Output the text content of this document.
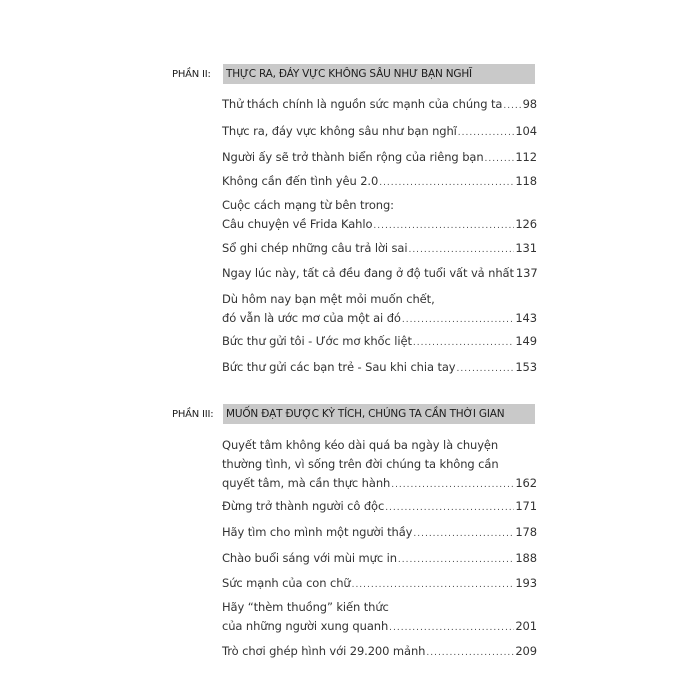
PHẦN II:	THỰC RA, ĐÁY VỰC KHÔNG SÂU NHƯ BẠN NGHĨ
Thử thách chính là nguồn sức mạnh của chúng ta ..... 98
Thực ra, đáy vực không sâu như bạn nghĩ .....	104
Người ấy sẽ trở thành biển rộng của riêng bạn .....	112
Không cần đến tình yêu 2.0 .....	118
Cuộc cách mạng từ bên trong:
Câu chuyện về Frida Kahlo .....	126
Sổ ghi chép những câu trả lời sai .....	131
Ngay lúc này, tất cả đều đang ở độ tuổi vất vả nhất 137
Dù hôm nay bạn mệt mỏi muốn chết,
đó vẫn là ước mơ của một ai đó .....	143
Bức thư gửi tôi - Ước mơ khốc liệt .....	149
Bức thư gửi các bạn trẻ - Sau khi chia tay .....	153
PHẦN III:	MUỐN ĐẠT ĐƯỢC KỲ TÍCH, CHÚNG TA CẦN THỜI GIAN
Quyết tâm không kéo dài quá ba ngày là chuyện
thường tình, vì sống trên đời chúng ta không cần
quyết tâm, mà cần thực hành .....	162
Đừng trở thành người cô độc .....	171
Hãy tìm cho mình một người thầy .....	178
Chào buổi sáng với mùi mực in .....	188
Sức mạnh của con chữ .....	193
Hãy “thèm thuồng” kiến thức
của những người xung quanh .....	201
Trò chơi ghép hình với 29.200 mảnh .....	209
